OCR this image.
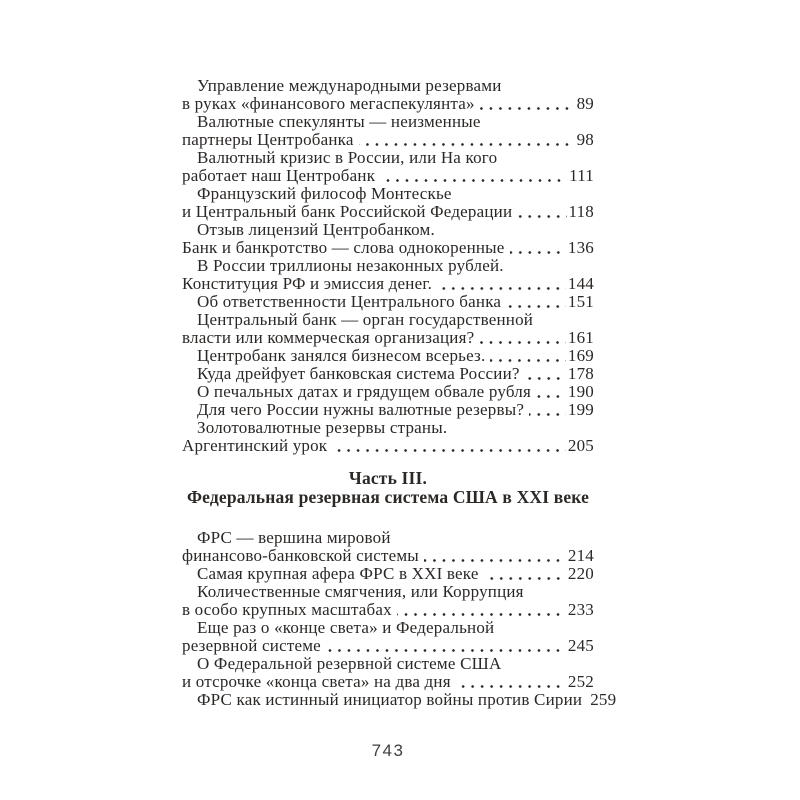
Управление международными резервами
в руках «финансового мегаспекулянта»	89
Валютные спекулянты — неизменные
партнеры Центробанка	98
Валютный кризис в России, или На кого
работает наш Центробанк	111
Французский философ Монтескье
и Центральный банк Российской Федерации	118
Отзыв лицензий Центробанком.
Банк и банкротство — слова однокоренные	136
В России триллионы незаконных рублей.
Конституция РФ и эмиссия денег.	144
Об ответственности Центрального банка	151
Центральный банк — орган государственной
власти или коммерческая организация?	161
Центробанк занялся бизнесом всерьез.	169
Куда дрейфует банковская система России?	178
О печальных датах и грядущем обвале рубля 190
Для чего России нужны валютные резервы?	199
Золотовалютные резервы страны.
Аргентинский урок	205
Часть III.
Федеральная резервная система США в XXI веке
ФРС — вершина мировой
финансово-банковской системы	214
Самая крупная афера ФРС в XXI веке	220
Количественные смягчения, или Коррупция
в особо крупных масштабах	233
Еще раз о «конце света» и Федеральной
резервной системе	245
О Федеральной резервной системе США
и отсрочке «конца света» на два дня	252
ФРС как истинный инициатор войны против Сирии 259
743
